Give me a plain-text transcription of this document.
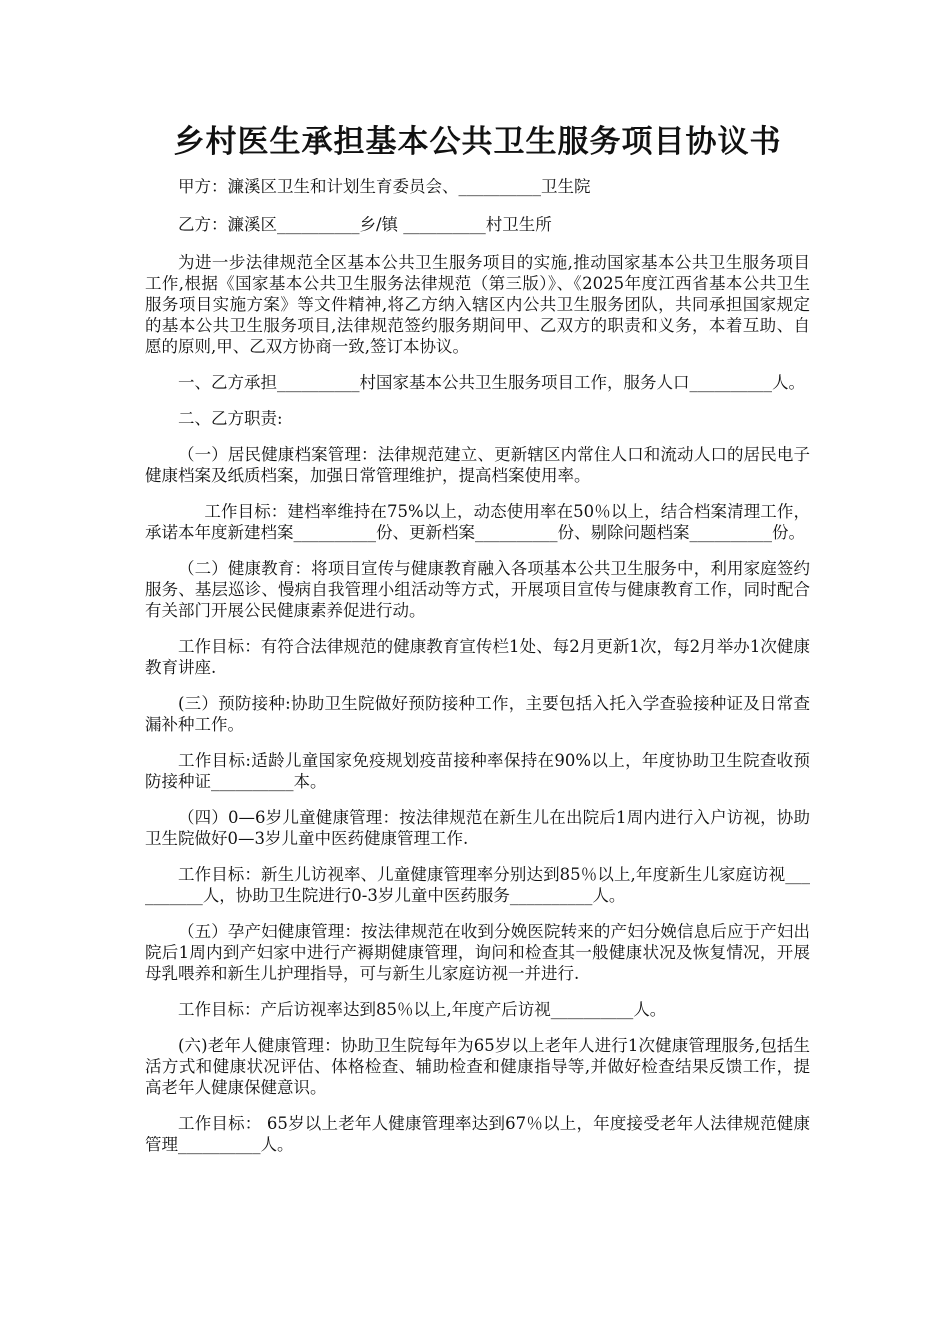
乡村医生承担基本公共卫生服务项目协议书

甲方：濂溪区卫生和计划生育委员会、__________卫生院

乙方：濂溪区__________乡/镇 __________村卫生所

为进一步法律规范全区基本公共卫生服务项目的实施,推动国家基本公共卫生服务项目工作,根据《国家基本公共卫生服务法律规范（第三版）》、《2025年度江西省基本公共卫生服务项目实施方案》等文件精神,将乙方纳入辖区内公共卫生服务团队，共同承担国家规定的基本公共卫生服务项目,法律规范签约服务期间甲、乙双方的职责和义务，本着互助、自愿的原则,甲、乙双方协商一致,签订本协议。

一、乙方承担__________村国家基本公共卫生服务项目工作，服务人口__________人。

二、乙方职责:

（一）居民健康档案管理：法律规范建立、更新辖区内常住人口和流动人口的居民电子健康档案及纸质档案，加强日常管理维护，提高档案使用率。

工作目标：建档率维持在75%以上，动态使用率在50％以上，结合档案清理工作，承诺本年度新建档案__________份、更新档案__________份、剔除问题档案__________份。

（二）健康教育：将项目宣传与健康教育融入各项基本公共卫生服务中，利用家庭签约服务、基层巡诊、慢病自我管理小组活动等方式，开展项目宣传与健康教育工作，同时配合有关部门开展公民健康素养促进行动。

工作目标：有符合法律规范的健康教育宣传栏1处、每2月更新1次，每2月举办1次健康教育讲座.

(三）预防接种:协助卫生院做好预防接种工作，主要包括入托入学查验接种证及日常查漏补种工作。

工作目标:适龄儿童国家免疫规划疫苗接种率保持在90%以上，年度协助卫生院查收预防接种证__________本。

（四）0—6岁儿童健康管理：按法律规范在新生儿在出院后1周内进行入户访视，协助卫生院做好0—3岁儿童中医药健康管理工作.

工作目标：新生儿访视率、儿童健康管理率分别达到85％以上,年度新生儿家庭访视__________人，协助卫生院进行0-3岁儿童中医药服务__________人。

（五）孕产妇健康管理：按法律规范在收到分娩医院转来的产妇分娩信息后应于产妇出院后1周内到产妇家中进行产褥期健康管理，询问和检查其一般健康状况及恢复情况，开展母乳喂养和新生儿护理指导，可与新生儿家庭访视一并进行.

工作目标：产后访视率达到85％以上,年度产后访视__________人。

(六)老年人健康管理：协助卫生院每年为65岁以上老年人进行1次健康管理服务,包括生活方式和健康状况评估、体格检查、辅助检查和健康指导等,并做好检查结果反馈工作，提高老年人健康保健意识。

工作目标： 65岁以上老年人健康管理率达到67％以上，年度接受老年人法律规范健康管理__________人。
